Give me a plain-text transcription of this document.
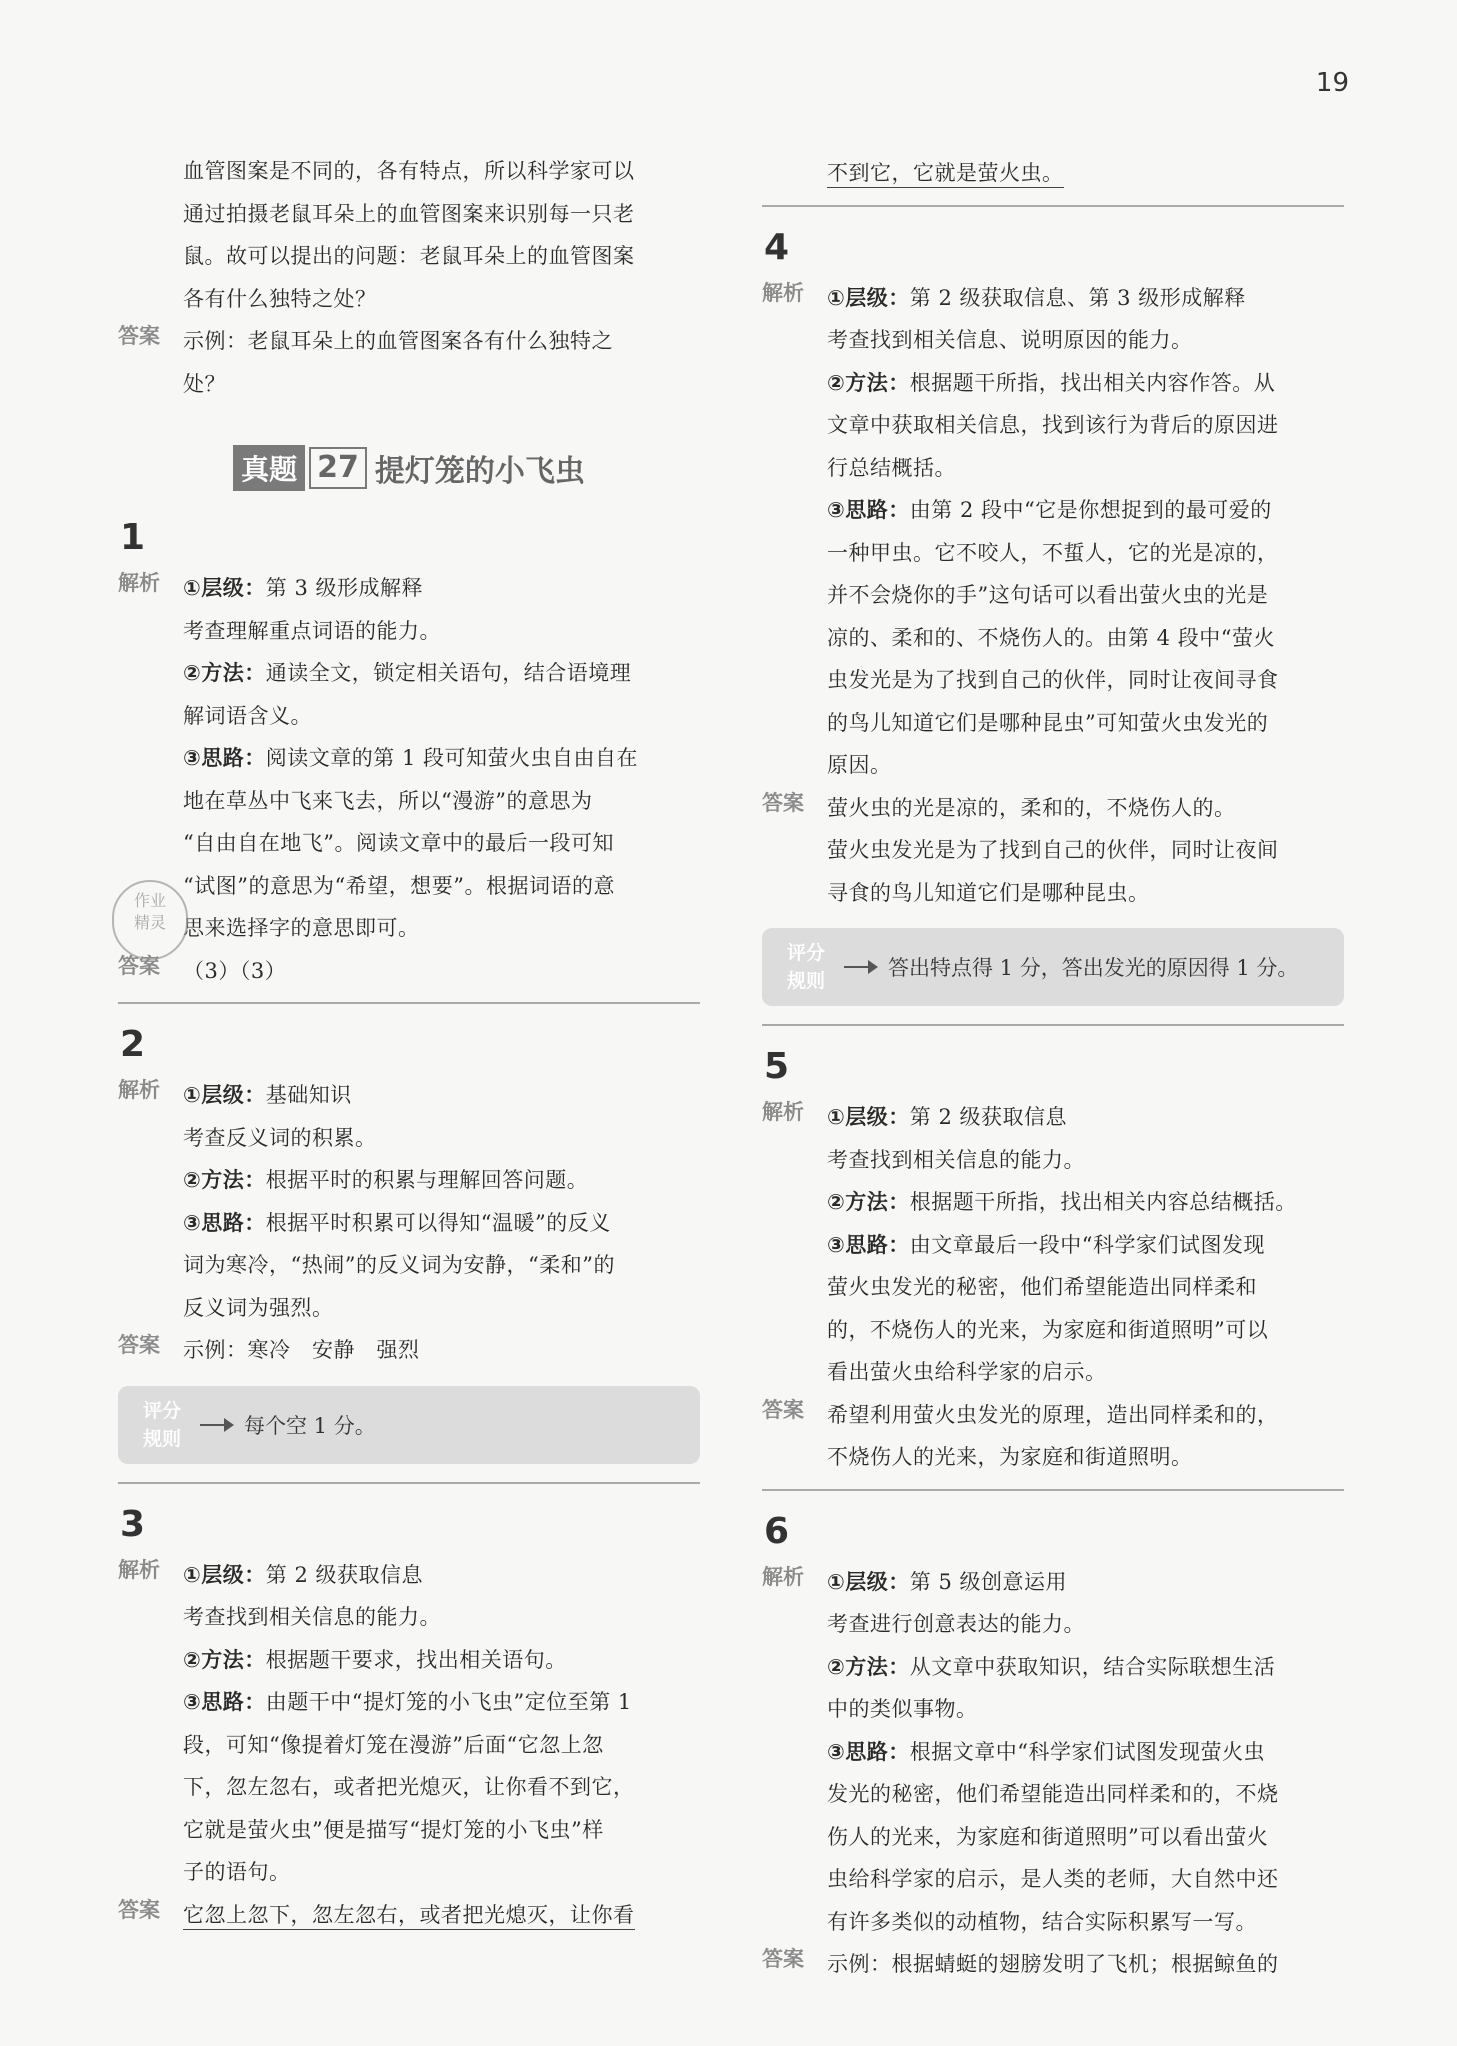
19
血管图案是不同的，各有特点，所以科学家可以
通过拍摄老鼠耳朵上的血管图案来识别每一只老
鼠。故可以提出的问题：老鼠耳朵上的血管图案
各有什么独特之处？
答案 示例：老鼠耳朵上的血管图案各有什么独特之
处？
真题 27 提灯笼的小飞虫
1
解析 ①层级：第 3 级形成解释
考查理解重点词语的能力。
②方法：通读全文，锁定相关语句，结合语境理
解词语含义。
③思路：阅读文章的第 1 段可知萤火虫自由自在
地在草丛中飞来飞去，所以“漫游”的意思为
“自由自在地飞”。阅读文章中的最后一段可知
“试图”的意思为“希望，想要”。根据词语的意
思来选择字的意思即可。
答案 （3）（3）
2
解析 ①层级：基础知识
考查反义词的积累。
②方法：根据平时的积累与理解回答问题。
③思路：根据平时积累可以得知“温暖”的反义
词为寒冷，“热闹”的反义词为安静，“柔和”的
反义词为强烈。
答案 示例：寒冷　安静　强烈
评分
规则
每个空 1 分。
3
解析 ①层级：第 2 级获取信息
考查找到相关信息的能力。
②方法：根据题干要求，找出相关语句。
③思路：由题干中“提灯笼的小飞虫”定位至第 1
段，可知“像提着灯笼在漫游”后面“它忽上忽
下，忽左忽右，或者把光熄灭，让你看不到它，
它就是萤火虫”便是描写“提灯笼的小飞虫”样
子的语句。
答案 它忽上忽下，忽左忽右，或者把光熄灭，让你看
不到它，它就是萤火虫。
4
解析 ①层级：第 2 级获取信息、第 3 级形成解释
考查找到相关信息、说明原因的能力。
②方法：根据题干所指，找出相关内容作答。从
文章中获取相关信息，找到该行为背后的原因进
行总结概括。
③思路：由第 2 段中“它是你想捉到的最可爱的
一种甲虫。它不咬人，不蜇人，它的光是凉的，
并不会烧你的手”这句话可以看出萤火虫的光是
凉的、柔和的、不烧伤人的。由第 4 段中“萤火
虫发光是为了找到自己的伙伴，同时让夜间寻食
的鸟儿知道它们是哪种昆虫”可知萤火虫发光的
原因。
答案 萤火虫的光是凉的，柔和的，不烧伤人的。
萤火虫发光是为了找到自己的伙伴，同时让夜间
寻食的鸟儿知道它们是哪种昆虫。
评分
规则
答出特点得 1 分，答出发光的原因得 1 分。
5
解析 ①层级：第 2 级获取信息
考查找到相关信息的能力。
②方法：根据题干所指，找出相关内容总结概括。
③思路：由文章最后一段中“科学家们试图发现
萤火虫发光的秘密，他们希望能造出同样柔和
的，不烧伤人的光来，为家庭和街道照明”可以
看出萤火虫给科学家的启示。
答案 希望利用萤火虫发光的原理，造出同样柔和的，
不烧伤人的光来，为家庭和街道照明。
6
解析 ①层级：第 5 级创意运用
考查进行创意表达的能力。
②方法：从文章中获取知识，结合实际联想生活
中的类似事物。
③思路：根据文章中“科学家们试图发现萤火虫
发光的秘密，他们希望能造出同样柔和的，不烧
伤人的光来，为家庭和街道照明”可以看出萤火
虫给科学家的启示，是人类的老师，大自然中还
有许多类似的动植物，结合实际积累写一写。
答案 示例：根据蜻蜓的翅膀发明了飞机；根据鲸鱼的
作业
精灵
